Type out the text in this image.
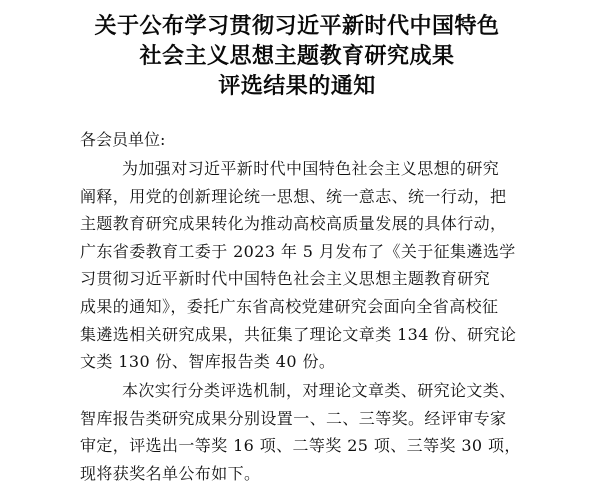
关于公布学习贯彻习近平新时代中国特色
社会主义思想主题教育研究成果
评选结果的通知

各会员单位:

为加强对习近平新时代中国特色社会主义思想的研究
阐释，用党的创新理论统一思想、统一意志、统一行动，把
主题教育研究成果转化为推动高校高质量发展的具体行动，
广东省委教育工委于 2023 年 5 月发布了《关于征集遴选学
习贯彻习近平新时代中国特色社会主义思想主题教育研究
成果的通知》，委托广东省高校党建研究会面向全省高校征
集遴选相关研究成果，共征集了理论文章类 134 份、研究论
文类 130 份、智库报告类 40 份。

本次实行分类评选机制，对理论文章类、研究论文类、
智库报告类研究成果分别设置一、二、三等奖。经评审专家
审定，评选出一等奖 16 项、二等奖 25 项、三等奖 30 项，
现将获奖名单公布如下。
